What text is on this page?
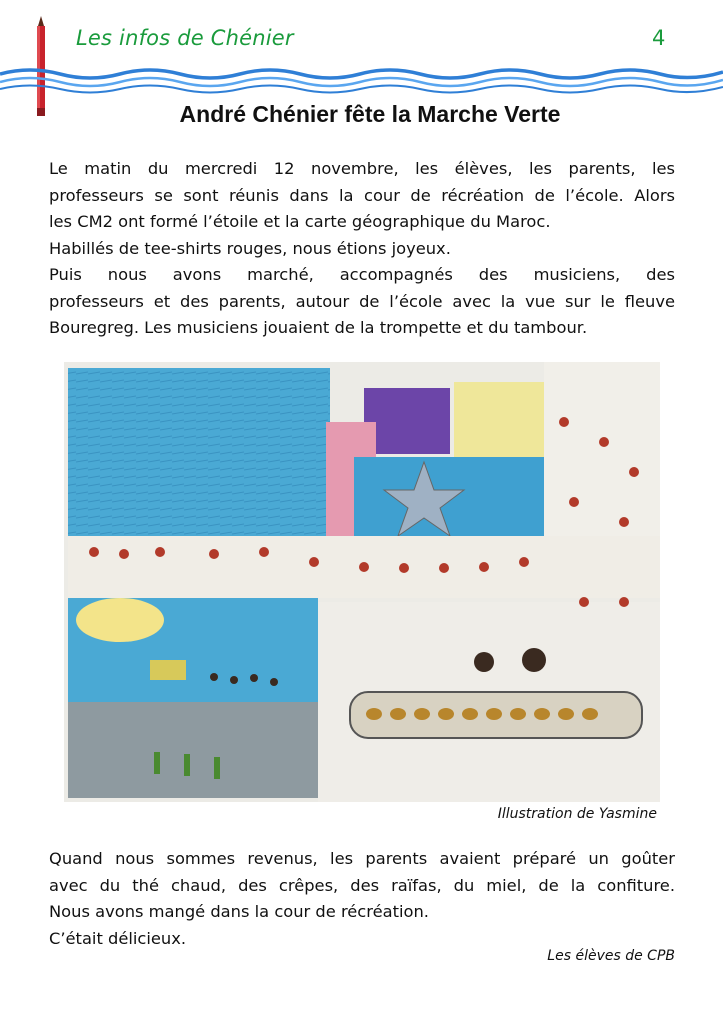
Les infos de Chénier	4
André Chénier fête la Marche Verte

Le matin du mercredi 12 novembre, les élèves, les parents, les
professeurs se sont réunis dans la cour de récréation de l’école. Alors
les CM2 ont formé l’étoile et la carte géographique du Maroc.
Habillés de tee-shirts rouges, nous étions joyeux.
Puis nous avons marché, accompagnés des musiciens, des
professeurs et des parents, autour de l’école avec la vue sur le fleuve
Bouregreg. Les musiciens jouaient de la trompette et du tambour.

Illustration de Yasmine

Quand nous sommes revenus, les parents avaient préparé un goûter
avec du thé chaud, des crêpes, des raïfas, du miel, de la confiture.
Nous avons mangé dans la cour de récréation.
C’était délicieux.

Les élèves de CPB
